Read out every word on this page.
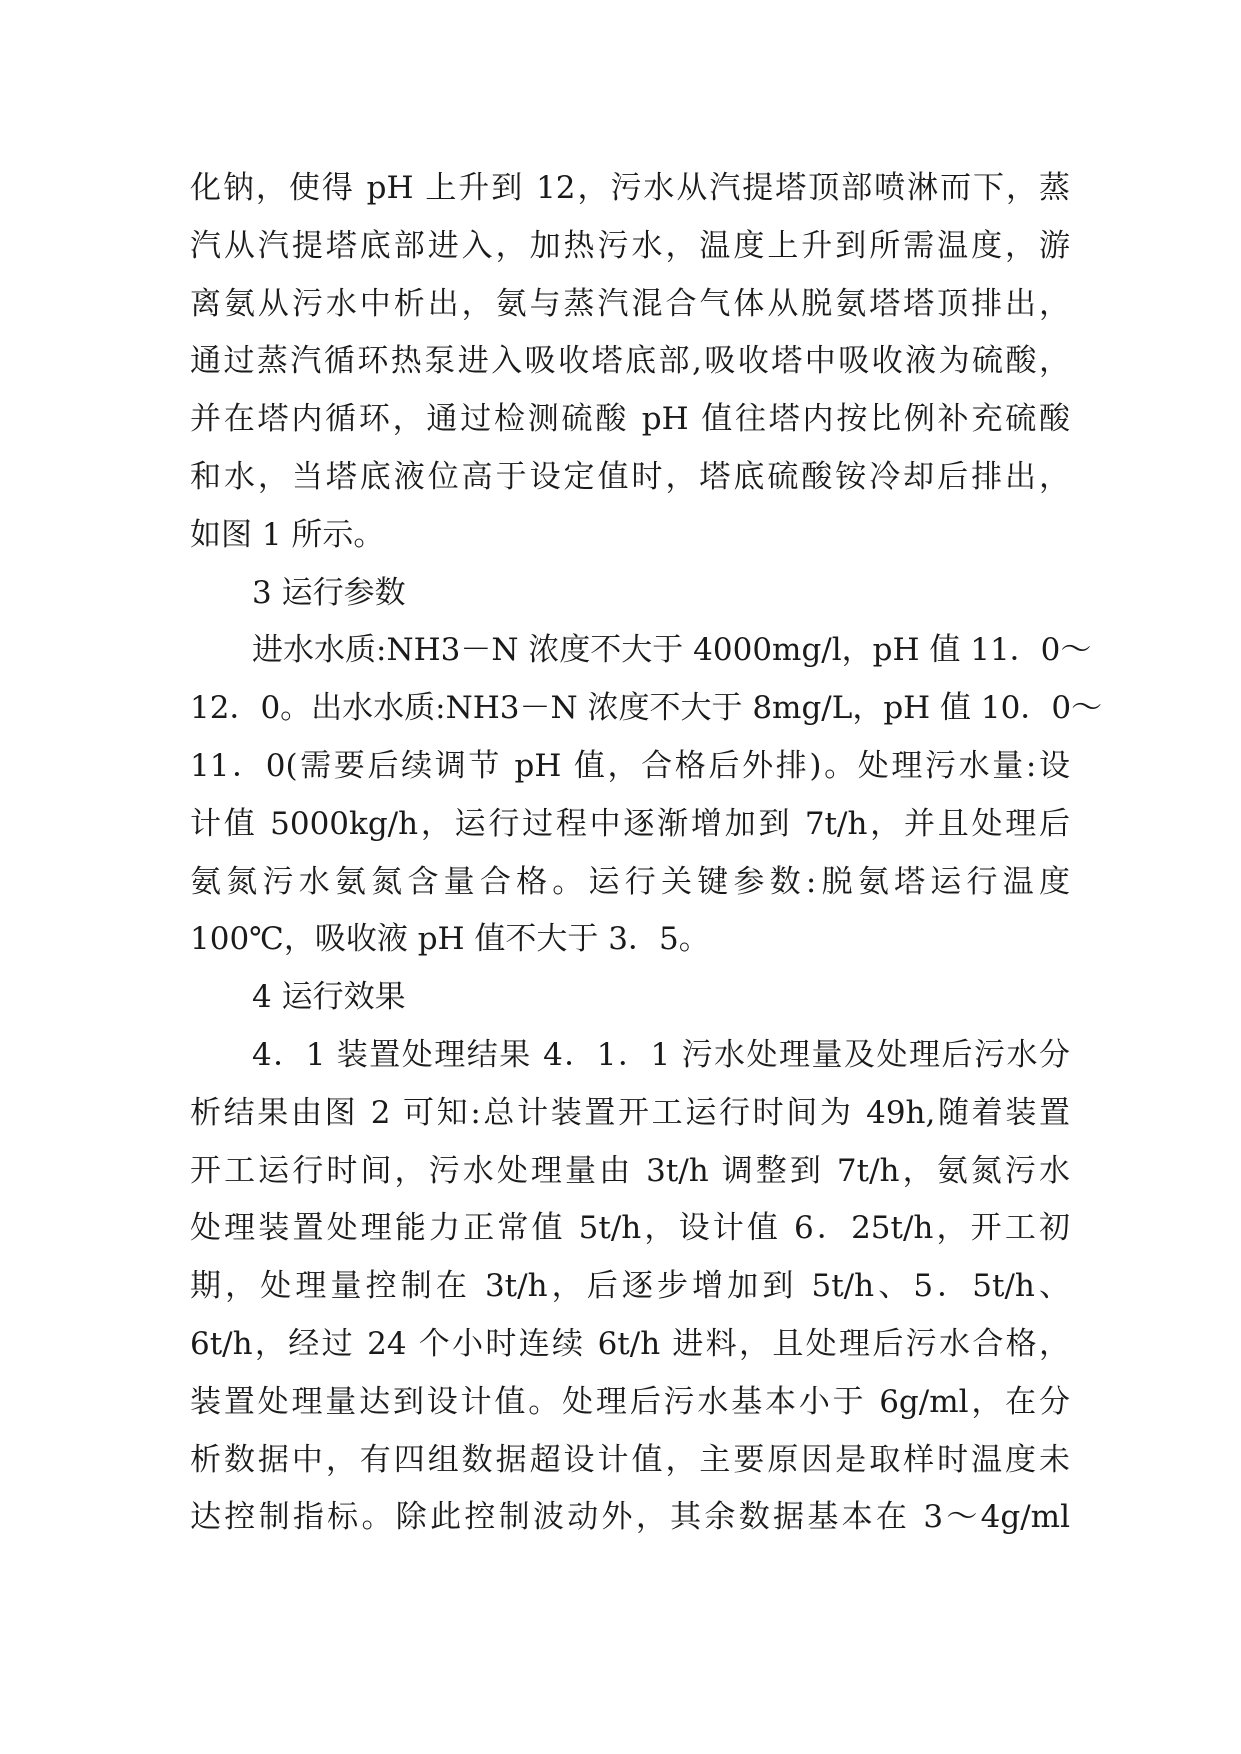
化钠，使得 pH 上升到 12，污水从汽提塔顶部喷淋而下，蒸
汽从汽提塔底部进入，加热污水，温度上升到所需温度，游
离氨从污水中析出，氨与蒸汽混合气体从脱氨塔塔顶排出，
通过蒸汽循环热泵进入吸收塔底部,吸收塔中吸收液为硫酸，
并在塔内循环，通过检测硫酸 pH 值往塔内按比例补充硫酸
和水，当塔底液位高于设定值时，塔底硫酸铵冷却后排出，
如图 1 所示。
3 运行参数
进水水质:NH3－N 浓度不大于 4000mg/l，pH 值 11．0～
12．0。出水水质:NH3－N 浓度不大于 8mg/L，pH 值 10．0～
11．0(需要后续调节 pH 值，合格后外排)。处理污水量:设
计值 5000kg/h，运行过程中逐渐增加到 7t/h，并且处理后
氨氮污水氨氮含量合格。运行关键参数:脱氨塔运行温度
100℃，吸收液 pH 值不大于 3．5。
4 运行效果
4．1 装置处理结果 4．1．1 污水处理量及处理后污水分
析结果由图 2 可知:总计装置开工运行时间为 49h,随着装置
开工运行时间，污水处理量由 3t/h 调整到 7t/h，氨氮污水
处理装置处理能力正常值 5t/h，设计值 6．25t/h，开工初
期，处理量控制在 3t/h，后逐步增加到 5t/h、5．5t/h、
6t/h，经过 24 个小时连续 6t/h 进料，且处理后污水合格，
装置处理量达到设计值。处理后污水基本小于 6g/ml，在分
析数据中，有四组数据超设计值，主要原因是取样时温度未
达控制指标。除此控制波动外，其余数据基本在 3～4g/ml
